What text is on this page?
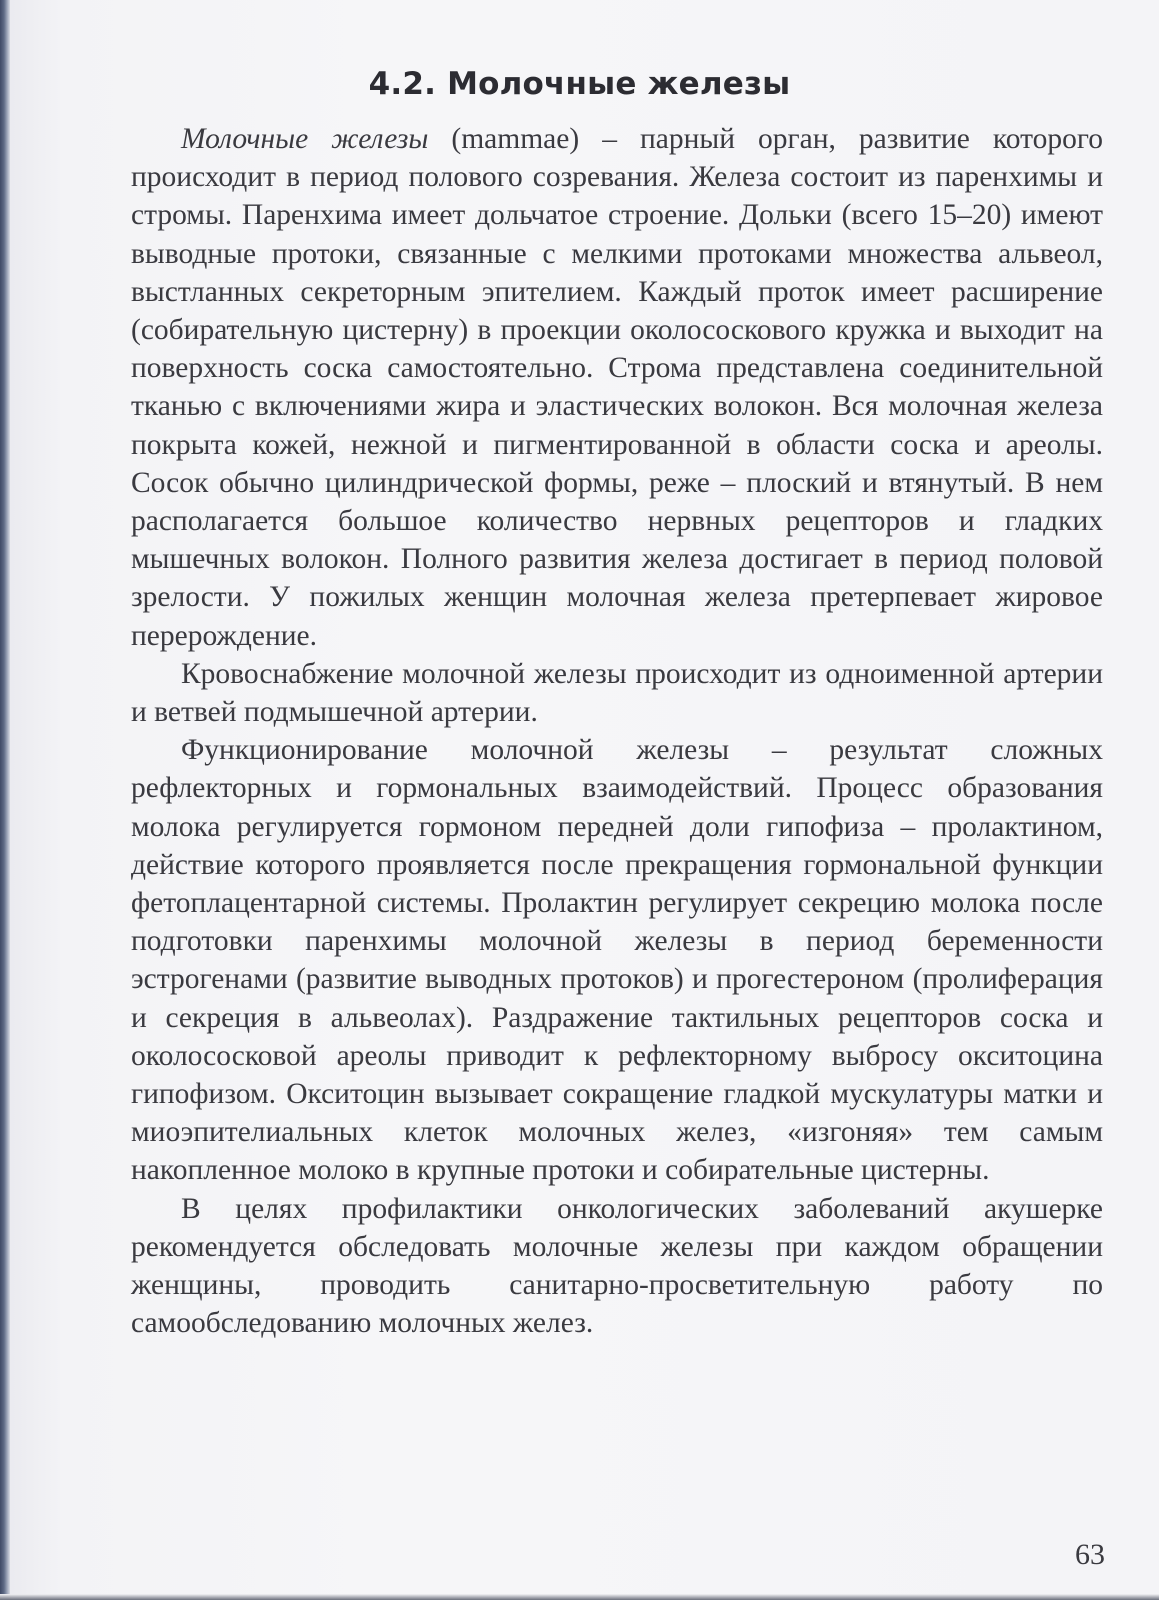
4.2. Молочные железы

Молочные железы (mammae) – парный орган, развитие которого происходит в период полового созревания. Железа состоит из паренхимы и стромы. Паренхима имеет дольчатое строение. Дольки (всего 15–20) имеют выводные протоки, связанные с мелкими протоками множества альвеол, выстланных секреторным эпителием. Каждый проток имеет расширение (собирательную цистерну) в проекции околососкового кружка и выходит на поверхность соска самостоятельно. Строма представлена соединительной тканью с включениями жира и эластических волокон. Вся молочная железа покрыта кожей, нежной и пигментированной в области соска и ареолы. Сосок обычно цилиндрической формы, реже – плоский и втянутый. В нем располагается большое количество нервных рецепторов и гладких мышечных волокон. Полного развития железа достигает в период половой зрелости. У пожилых женщин молочная железа претерпевает жировое перерождение.

Кровоснабжение молочной железы происходит из одноименной артерии и ветвей подмышечной артерии.

Функционирование молочной железы – результат сложных рефлекторных и гормональных взаимодействий. Процесс образования молока регулируется гормоном передней доли гипофиза – пролактином, действие которого проявляется после прекращения гормональной функции фетоплацентарной системы. Пролактин регулирует секрецию молока после подготовки паренхимы молочной железы в период беременности эстрогенами (развитие выводных протоков) и прогестероном (пролиферация и секреция в альвеолах). Раздражение тактильных рецепторов соска и околососковой ареолы приводит к рефлекторному выбросу окситоцина гипофизом. Окситоцин вызывает сокращение гладкой мускулатуры матки и миоэпителиальных клеток молочных желез, «изгоняя» тем самым накопленное молоко в крупные протоки и собирательные цистерны.

В целях профилактики онкологических заболеваний акушерке рекомендуется обследовать молочные железы при каждом обращении женщины, проводить санитарно-просветительную работу по самообследованию молочных желез.

63
